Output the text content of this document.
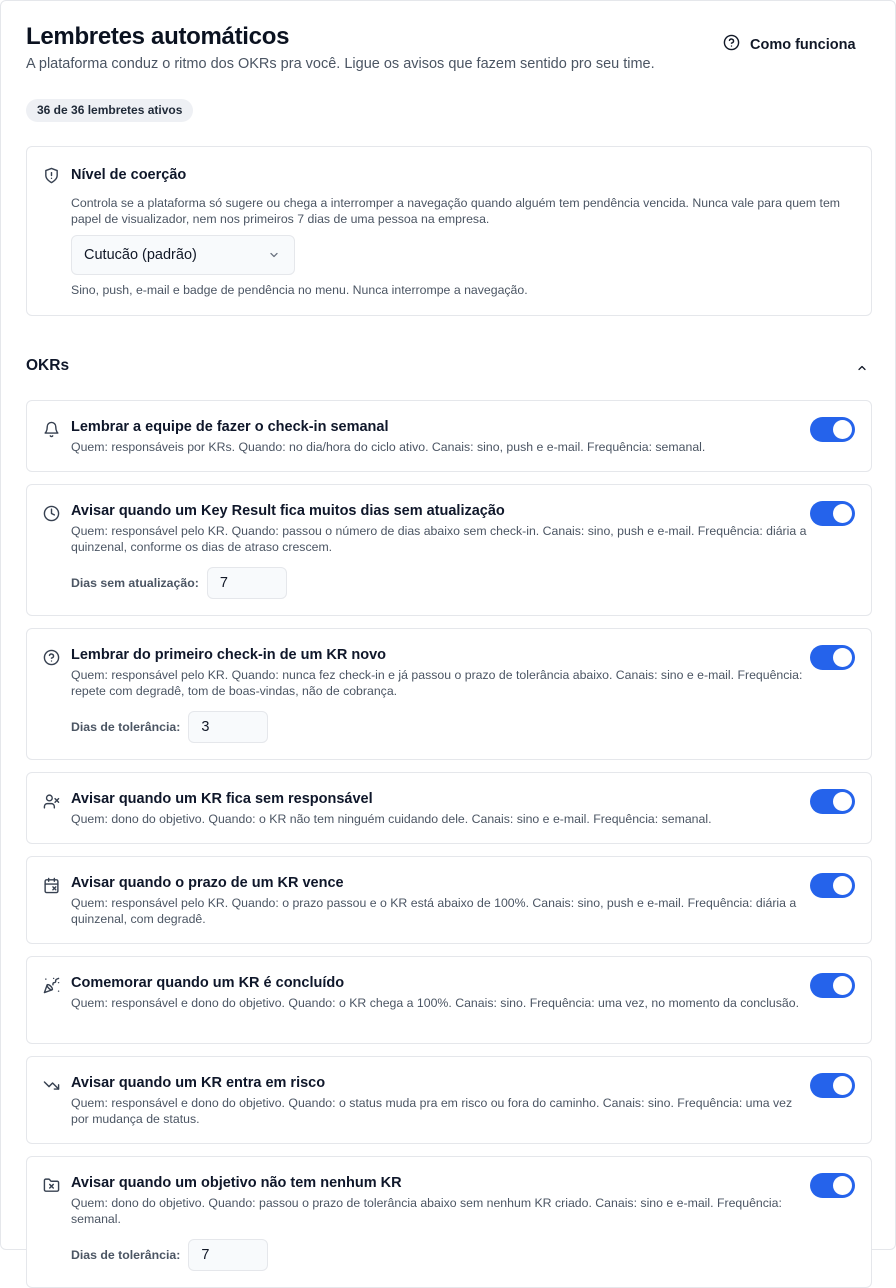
Lembretes automáticos

A plataforma conduz o ritmo dos OKRs pra você. Ligue os avisos que fazem sentido pro seu time.

36 de 36 lembretes ativos
Como funciona
Nível de coerção
Controla se a plataforma só sugere ou chega a interromper a navegação quando alguém tem pendência vencida. Nunca vale para quem tem papel de visualizador, nem nos primeiros 7 dias de uma pessoa na empresa.
Cutucão (padrão)
Sino, push, e-mail e badge de pendência no menu. Nunca interrompe a navegação.
OKRs
Lembrar a equipe de fazer o check-in semanal
Quem: responsáveis por KRs. Quando: no dia/hora do ciclo ativo. Canais: sino, push e e-mail. Frequência: semanal.
Avisar quando um Key Result fica muitos dias sem atualização
Quem: responsável pelo KR. Quando: passou o número de dias abaixo sem check-in. Canais: sino, push e e-mail. Frequência: diária a quinzenal, conforme os dias de atraso crescem.
Dias sem atualização:
7
Lembrar do primeiro check-in de um KR novo
Quem: responsável pelo KR. Quando: nunca fez check-in e já passou o prazo de tolerância abaixo. Canais: sino e e-mail. Frequência: repete com degradê, tom de boas-vindas, não de cobrança.
Dias de tolerância:
3
Avisar quando um KR fica sem responsável
Quem: dono do objetivo. Quando: o KR não tem ninguém cuidando dele. Canais: sino e e-mail. Frequência: semanal.
Avisar quando o prazo de um KR vence
Quem: responsável pelo KR. Quando: o prazo passou e o KR está abaixo de 100%. Canais: sino, push e e-mail. Frequência: diária a quinzenal, com degradê.
Comemorar quando um KR é concluído
Quem: responsável e dono do objetivo. Quando: o KR chega a 100%. Canais: sino. Frequência: uma vez, no momento da conclusão.
Avisar quando um KR entra em risco
Quem: responsável e dono do objetivo. Quando: o status muda pra em risco ou fora do caminho. Canais: sino. Frequência: uma vez por mudança de status.
Avisar quando um objetivo não tem nenhum KR
Quem: dono do objetivo. Quando: passou o prazo de tolerância abaixo sem nenhum KR criado. Canais: sino e e-mail. Frequência: semanal.
Dias de tolerância:
7
